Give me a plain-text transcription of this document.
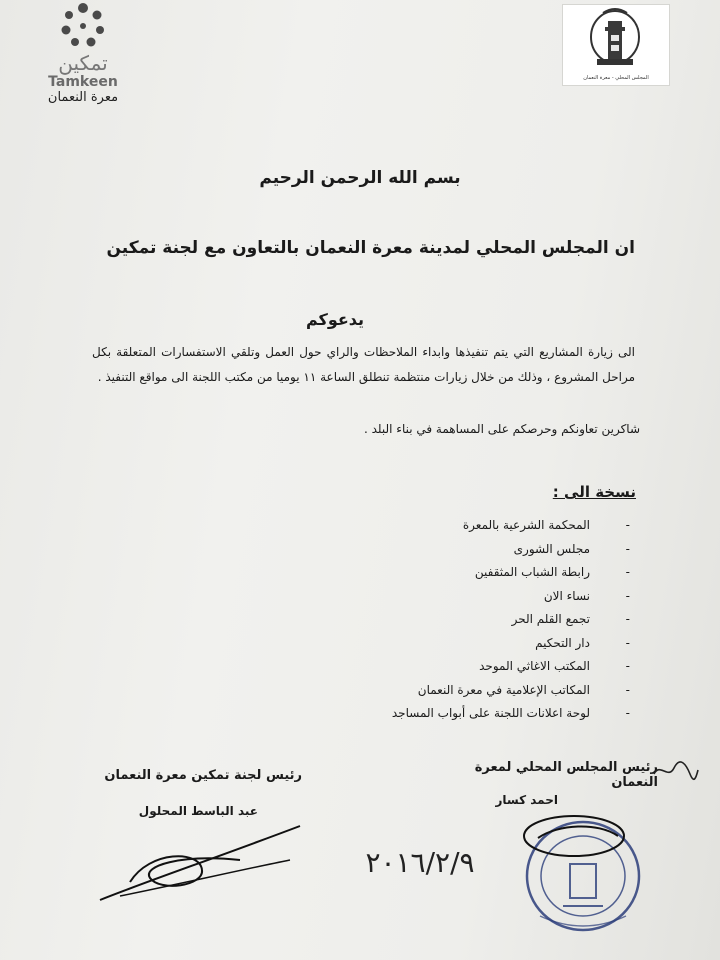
تمكين
Tamkeen
معرة النعمان
المجلس المحلي - معرة النعمان
بسم الله الرحمن الرحيم
ان المجلس المحلي لمدينة معرة النعمان بالتعاون مع لجنة تمكين
يدعوكم
الى زيارة المشاريع التي يتم تنفيذها وابداء الملاحظات والراي حول العمل وتلقي الاستفسارات المتعلقة بكل مراحل المشروع ، وذلك من خلال زيارات منتظمة تنطلق الساعة ١١ يوميا من مكتب اللجنة الى مواقع التنفيذ .
شاكرين تعاونكم وحرصكم على المساهمة في بناء البلد .
نسخة الى :
-
المحكمة الشرعية بالمعرة
-
مجلس الشورى
-
رابطة الشباب المثقفين
-
نساء الان
-
تجمع القلم الحر
-
دار التحكيم
-
المكتب الاغاثي الموحد
-
المكاتب الإعلامية في معرة النعمان
-
لوحة اعلانات اللجنة على أبواب المساجد
رئيس المجلس المحلي لمعرة النعمان
احمد كسار
رئيس لجنة تمكين معرة النعمان
عبد الباسط المحلول
٢٠١٦/٢/٩
